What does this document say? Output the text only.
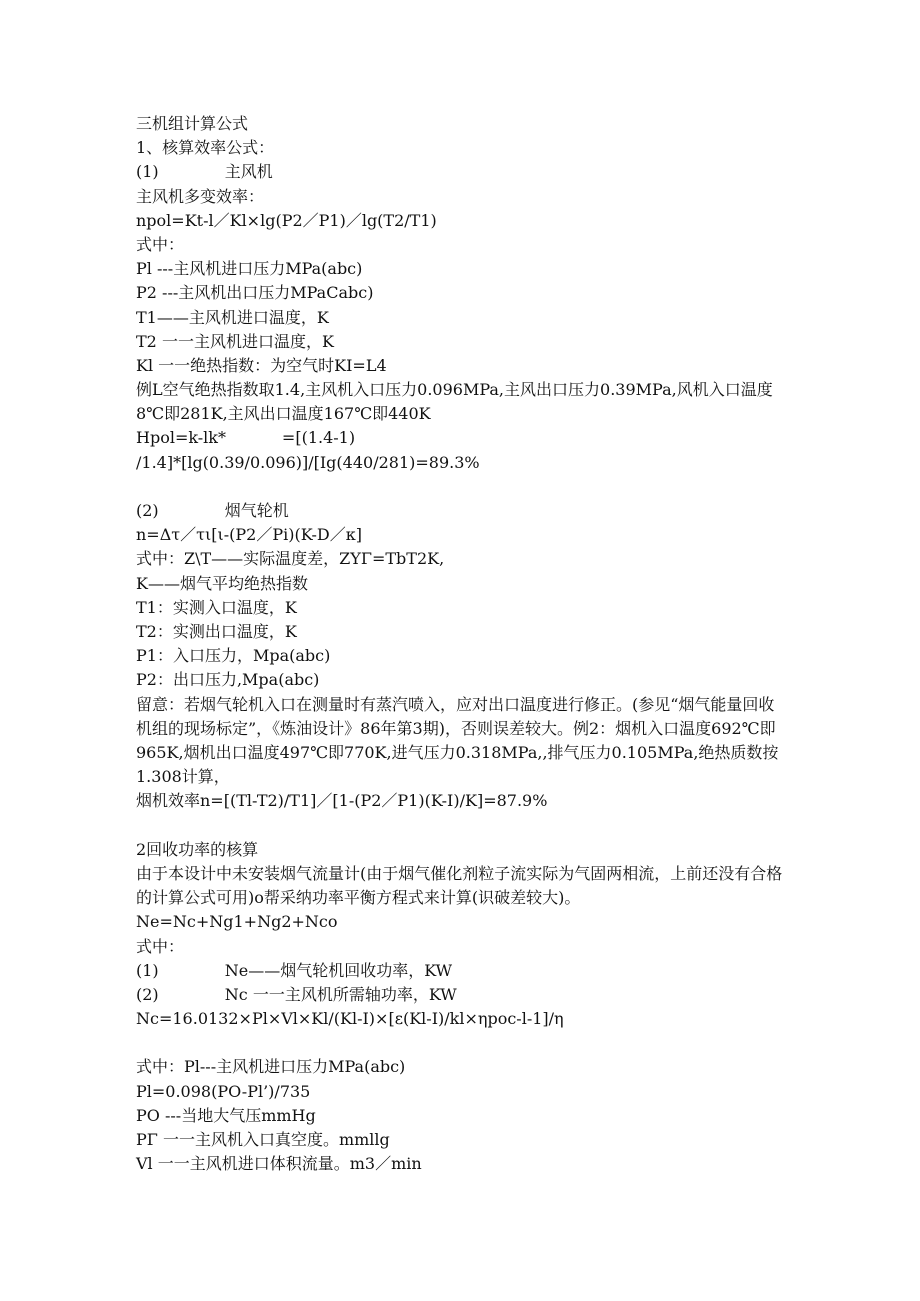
三机组计算公式
1、核算效率公式：
(1)             主风机
主风机多变效率：
npol=Kt-l／Kl×lg(P2／P1)／lg(T2/T1)
式中：
Pl ---主风机进口压力MPa(abc)
P2 ---主风机出口压力MPaCabc)
T1——主风机进口温度，K
T2 一一主风机进口温度，K
Kl 一一绝热指数：为空气时KI=L4
例L空气绝热指数取1.4,主风机入口压力0.096MPa,主风出口压力0.39MPa,风机入口温度8℃即281K,主风出口温度167℃即440K
Hpol=k-lk*           =[(1.4-1)
/1.4]*[lg(0.39/0.096)]/[Ig(440/281)=89.3%
(2)             烟气轮机
n=Δτ／τι[ι-(P2／Pi)(K-D／κ]
式中：Z\T——实际温度差，ZYΓ=TbT2K,
K——烟气平均绝热指数
T1：实测入口温度，K
T2：实测出口温度，K
P1：入口压力，Mpa(abc)
P2：出口压力,Mpa(abc)
留意：若烟气轮机入口在测量时有蒸汽喷入，应对出口温度进行修正。(参见“烟气能量回收机组的现场标定”，《炼油设计》86年第3期)，否则误差较大。例2：烟机入口温度692℃即965K,烟机出口温度497℃即770K,进气压力0.318MPa,,排气压力0.105MPa,绝热质数按1.308计算，
烟机效率n=[(Tl-T2)/T1]／[1-(P2／P1)(K-I)/K]=87.9%
2回收功率的核算
由于本设计中未安装烟气流量计(由于烟气催化剂粒子流实际为气固两相流，上前还没有合格的计算公式可用)o帮采纳功率平衡方程式来计算(识破差较大)。
Ne=Nc+Ng1+Ng2+Nco
式中：
(1)             Ne——烟气轮机回收功率，KW
(2)             Nc 一一主风机所需轴功率，KW
Nc=16.0132×Pl×Vl×Kl/(Kl-I)×[ε(Kl-I)/kl×ηpoc-l-1]/η
式中：Pl---主风机进口压力MPa(abc)
Pl=0.098(PO-Pl’)/735
PO ---当地大气压mmHg
PΓ 一一主风机入口真空度。mmllg
Vl 一一主风机进口体积流量。m3／min
